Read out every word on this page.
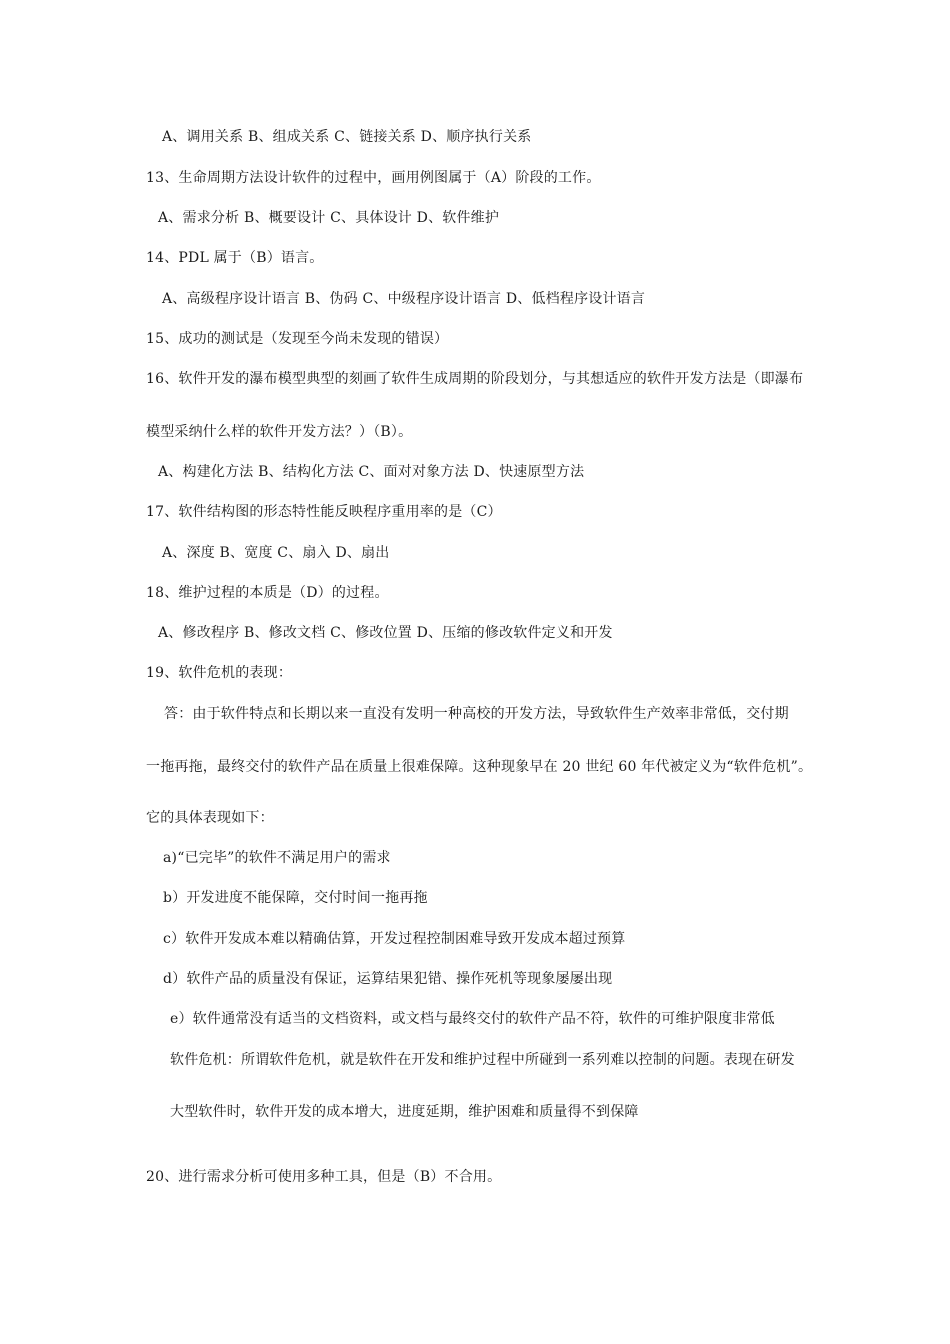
A、调用关系 B、组成关系 C、链接关系 D、顺序执行关系
13、生命周期方法设计软件的过程中，画用例图属于（A）阶段的工作。
A、需求分析 B、概要设计 C、具体设计 D、软件维护
14、PDL 属于（B）语言。
A、高级程序设计语言 B、伪码 C、中级程序设计语言 D、低档程序设计语言
15、成功的测试是（发现至今尚未发现的错误）
16、软件开发的瀑布模型典型的刻画了软件生成周期的阶段划分，与其想适应的软件开发方法是（即瀑布
模型采纳什么样的软件开发方法？）（B）。
A、构建化方法 B、结构化方法 C、面对对象方法 D、快速原型方法
17、软件结构图的形态特性能反映程序重用率的是（C）
A、深度 B、宽度 C、扇入 D、扇出
18、维护过程的本质是（D）的过程。
A、修改程序 B、修改文档 C、修改位置 D、压缩的修改软件定义和开发
19、软件危机的表现：
答：由于软件特点和长期以来一直没有发明一种高校的开发方法，导致软件生产效率非常低，交付期
一拖再拖，最终交付的软件产品在质量上很难保障。这种现象早在 20 世纪 60 年代被定义为“软件危机”。
它的具体表现如下：
a)“已完毕”的软件不满足用户的需求
b）开发进度不能保障，交付时间一拖再拖
c）软件开发成本难以精确估算，开发过程控制困难导致开发成本超过预算
d）软件产品的质量没有保证，运算结果犯错、操作死机等现象屡屡出现
e）软件通常没有适当的文档资料，或文档与最终交付的软件产品不符，软件的可维护限度非常低
软件危机：所谓软件危机，就是软件在开发和维护过程中所碰到一系列难以控制的问题。表现在研发
大型软件时，软件开发的成本增大，进度延期，维护困难和质量得不到保障
20、进行需求分析可使用多种工具，但是（B）不合用。
